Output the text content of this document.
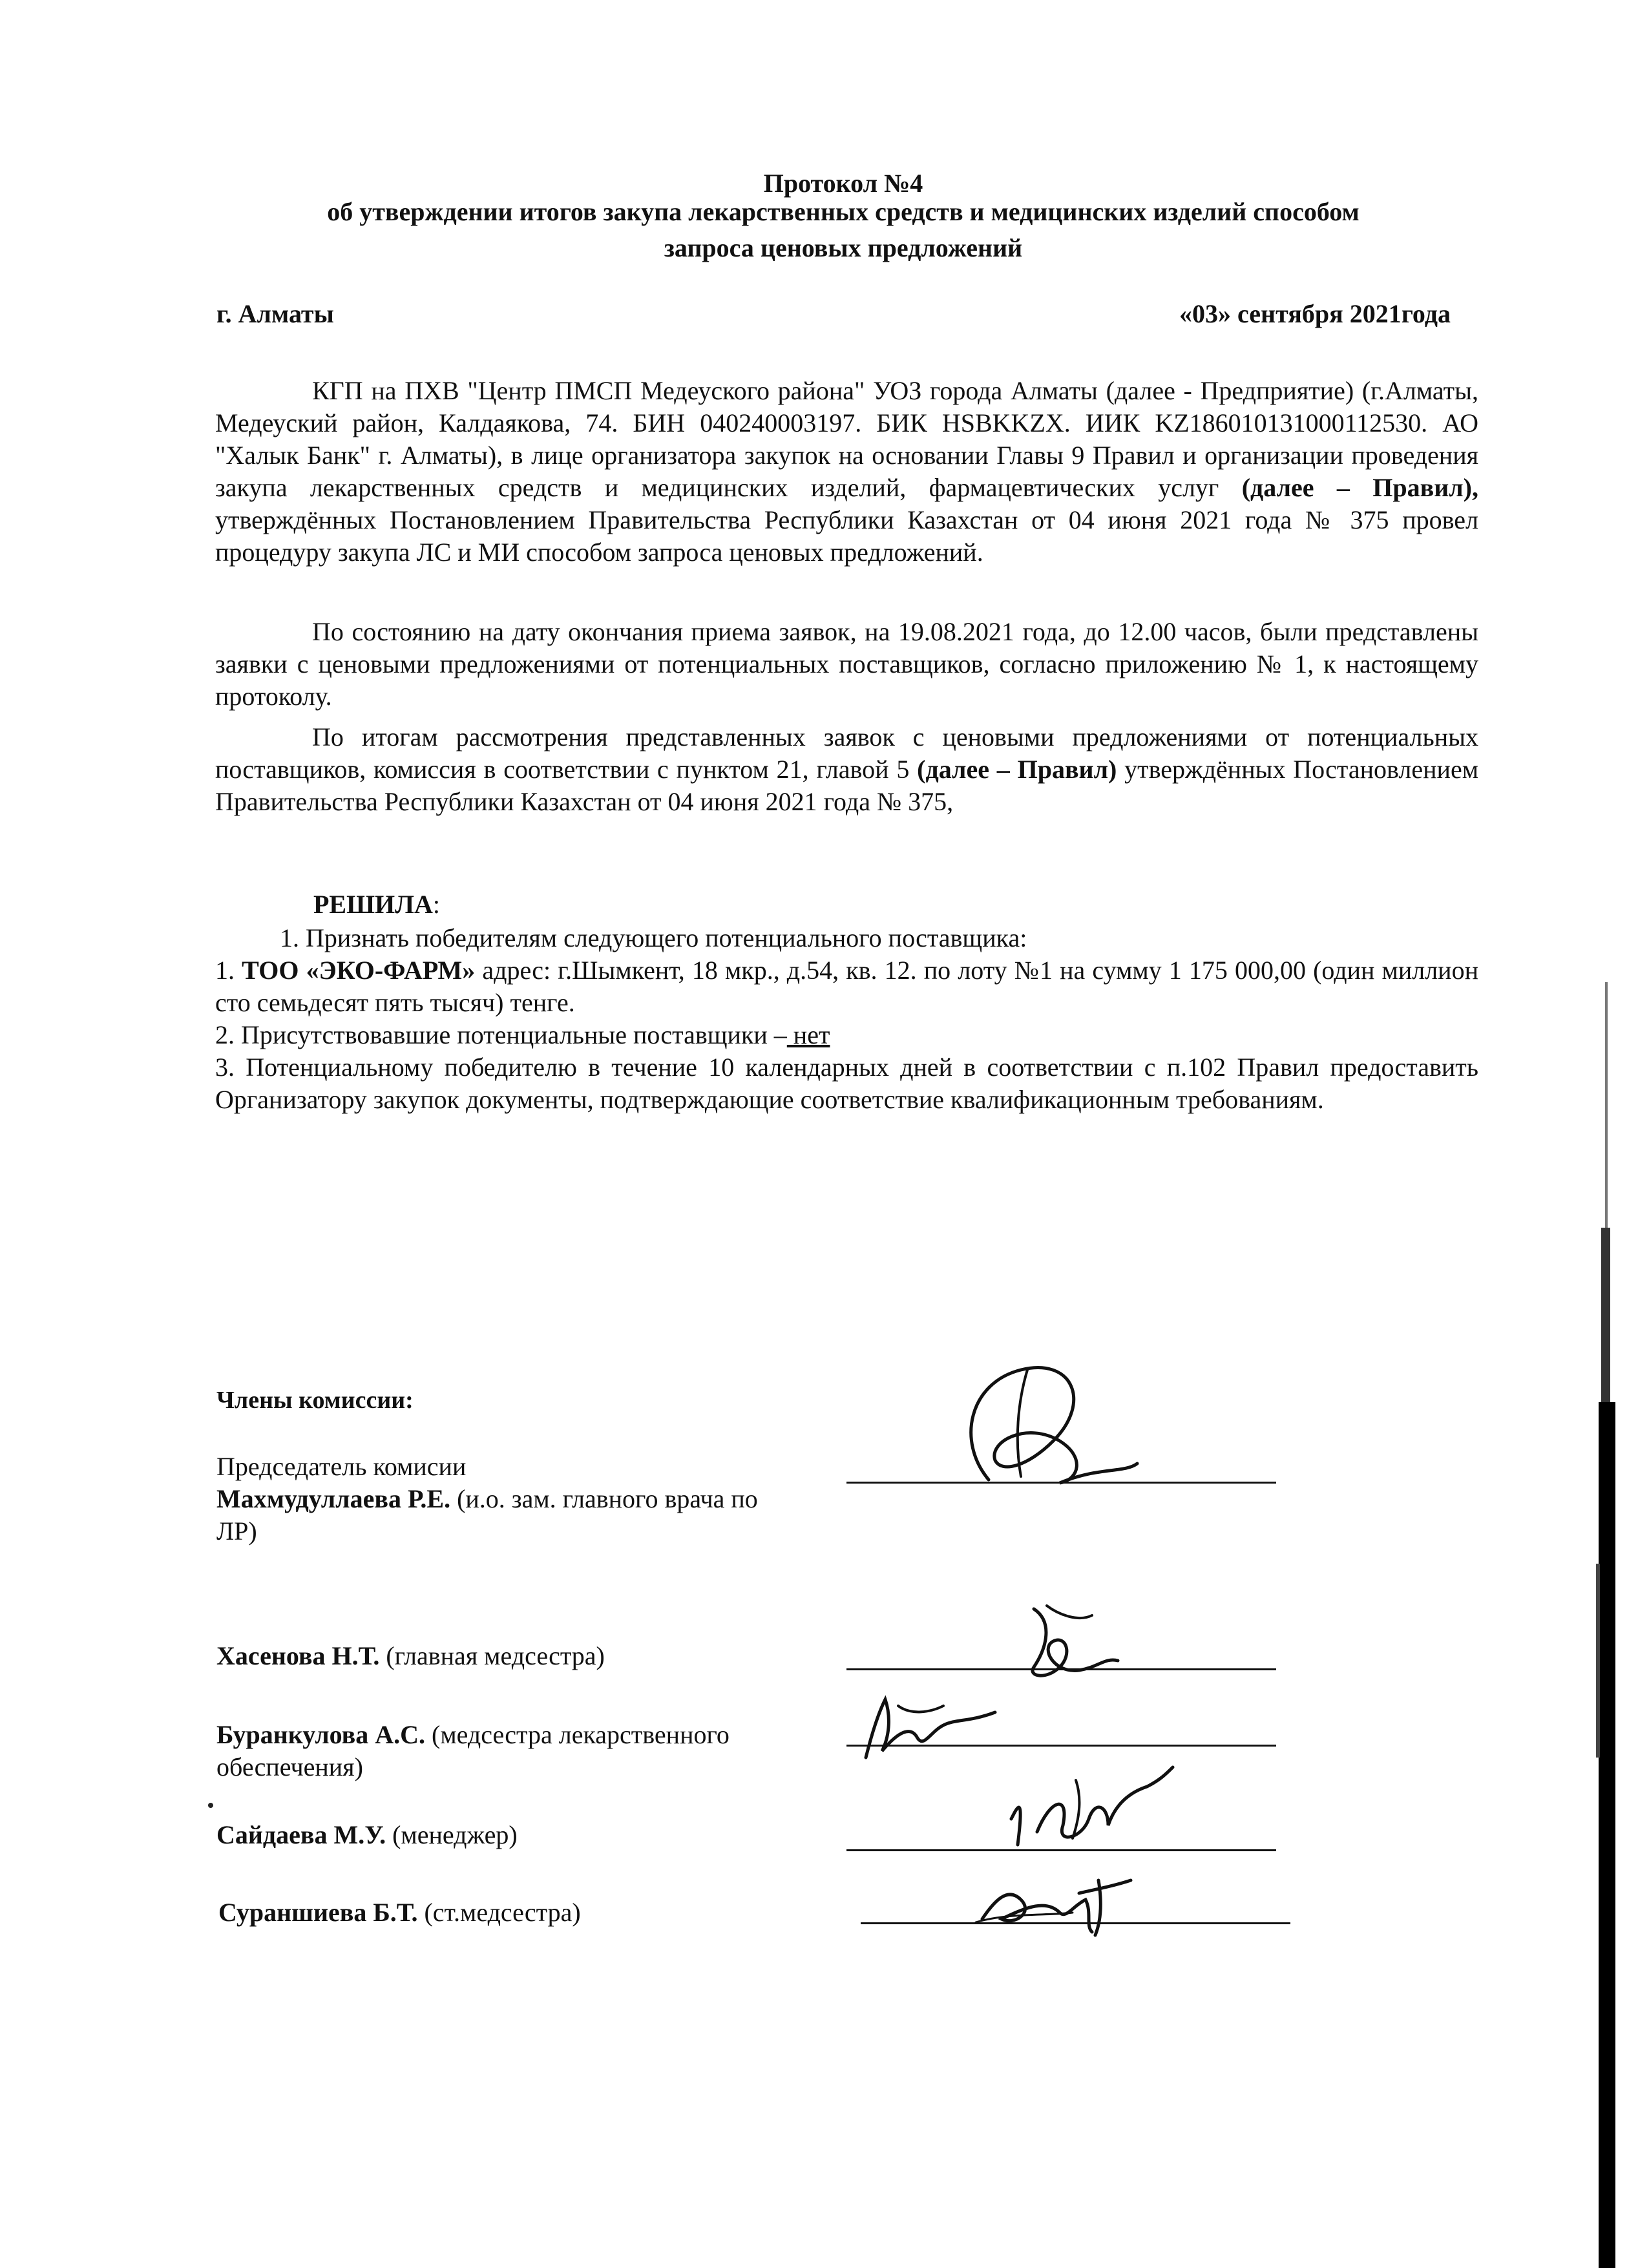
Протокол №4
об утверждении итогов закупа лекарственных средств и медицинских изделий способом
запроса ценовых предложений
г. Алматы	«03» сентября 2021года

КГП на ПХВ "Центр ПМСП Медеуского района" УОЗ города Алматы (далее - Предприятие) (г.Алматы, Медеуский район, Калдаякова, 74. БИН 040240003197. БИК HSBKKZX. ИИК KZ186010131000112530. АО "Халык Банк" г. Алматы), в лице организатора закупок на основании Главы 9 Правил и организации проведения закупа лекарственных средств и медицинских изделий, фармацевтических услуг (далее – Правил), утверждённых Постановлением Правительства Республики Казахстан от 04 июня 2021 года № 375 провел процедуру закупа ЛС и МИ способом запроса ценовых предложений.

По состоянию на дату окончания приема заявок, на 19.08.2021 года, до 12.00 часов, были представлены заявки с ценовыми предложениями от потенциальных поставщиков, согласно приложению № 1, к настоящему протоколу.

По итогам рассмотрения представленных заявок с ценовыми предложениями от потенциальных поставщиков, комиссия в соответствии с пунктом 21, главой 5 (далее – Правил) утверждённых Постановлением Правительства Республики Казахстан от 04 июня 2021 года № 375,

РЕШИЛА:

1. Признать победителям следующего потенциального поставщика:

1. ТОО «ЭКО-ФАРМ» адрес: г.Шымкент, 18 мкр., д.54, кв. 12. по лоту №1 на сумму 1 175 000,00 (один миллион сто семьдесят пять тысяч) тенге.

2. Присутствовавшие потенциальные поставщики – нет

3. Потенциальному победителю в течение 10 календарных дней в соответствии с п.102 Правил предоставить Организатору закупок документы, подтверждающие соответствие квалификационным требованиям.

Члены комиссии:
Председатель комисии
Махмудуллаева Р.Е. (и.о. зам. главного врача по ЛР)
Хасенова Н.Т. (главная медсестра)
Буранкулова А.С. (медсестра лекарственного обеспечения)
Сайдаева М.У. (менеджер)
Сураншиева Б.Т. (ст.медсестра)
